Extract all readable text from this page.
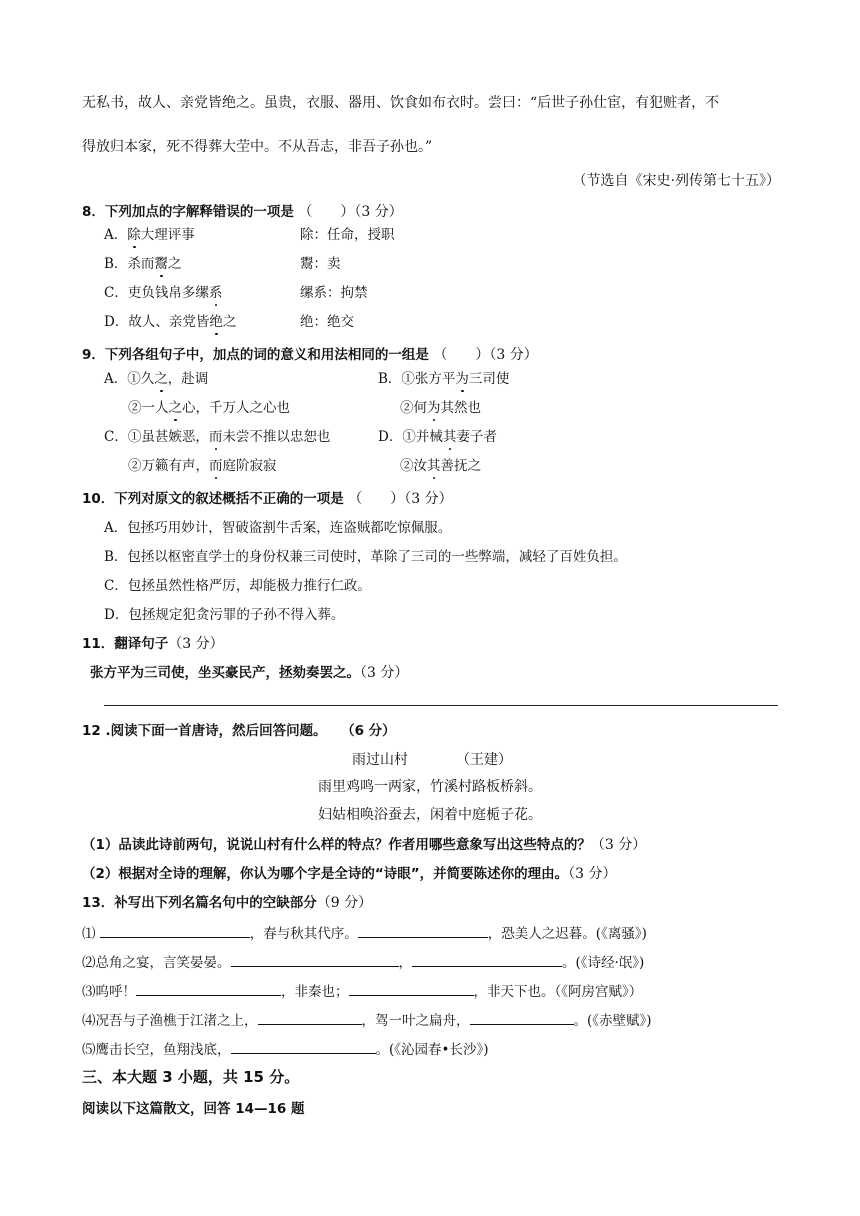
无私书，故人、亲党皆绝之。虽贵，衣服、器用、饮食如布衣时。尝曰：“后世子孙仕宦，有犯赃者，不
得放归本家，死不得葬大茔中。不从吾志，非吾子孙也。”
（节选自《宋史·列传第七十五》）
8．下列加点的字解释错误的一项是 （　　）（3 分）
A．除大理评事	除：任命，授职
B．杀而鬻之	鬻：卖
C．吏负钱帛多缧系	缧系：拘禁
D．故人、亲党皆绝之	绝：绝交
9．下列各组句子中，加点的词的意义和用法相同的一组是 （　　）（3 分）
A．①久之，赴调	B．①张方平为三司使
②一人之心，千万人之心也	②何为其然也
C．①虽甚嫉恶，而未尝不推以忠恕也	D．①并械其妻子者
②万籁有声，而庭阶寂寂	②汝其善抚之
10．下列对原文的叙述概括不正确的一项是 （　　）（3 分）
A．包拯巧用妙计，智破盗割牛舌案，连盗贼都吃惊佩服。
B．包拯以枢密直学士的身份权兼三司使时，革除了三司的一些弊端，减轻了百姓负担。
C．包拯虽然性格严厉，却能极力推行仁政。
D．包拯规定犯贪污罪的子孙不得入葬。
11．翻译句子（3 分）
张方平为三司使，坐买豪民产，拯劾奏罢之。（3 分）
12 .阅读下面一首唐诗，然后回答问题。 （6 分）
雨过山村	（王建）
雨里鸡鸣一两家，竹溪村路板桥斜。
妇姑相唤浴蚕去，闲着中庭栀子花。
（1）品读此诗前两句，说说山村有什么样的特点？作者用哪些意象写出这些特点的？（3 分）
（2）根据对全诗的理解，你认为哪个字是全诗的“诗眼”，并简要陈述你的理由。（3 分）
13．补写出下列名篇名句中的空缺部分（9 分）
⑴	，春与秋其代序。	，恐美人之迟暮。(《离骚》)
⑵总角之宴，言笑晏晏。	，	。(《诗经·氓》)
⑶呜呼！	，非秦也；	，非天下也。（《阿房宫赋》）
⑷况吾与子渔樵于江渚之上，	，驾一叶之扁舟，	。(《赤壁赋》)
⑸鹰击长空，鱼翔浅底，	。(《沁园春•长沙》)
三、本大题 3 小题，共 15 分。
阅读以下这篇散文，回答 14—16 题
